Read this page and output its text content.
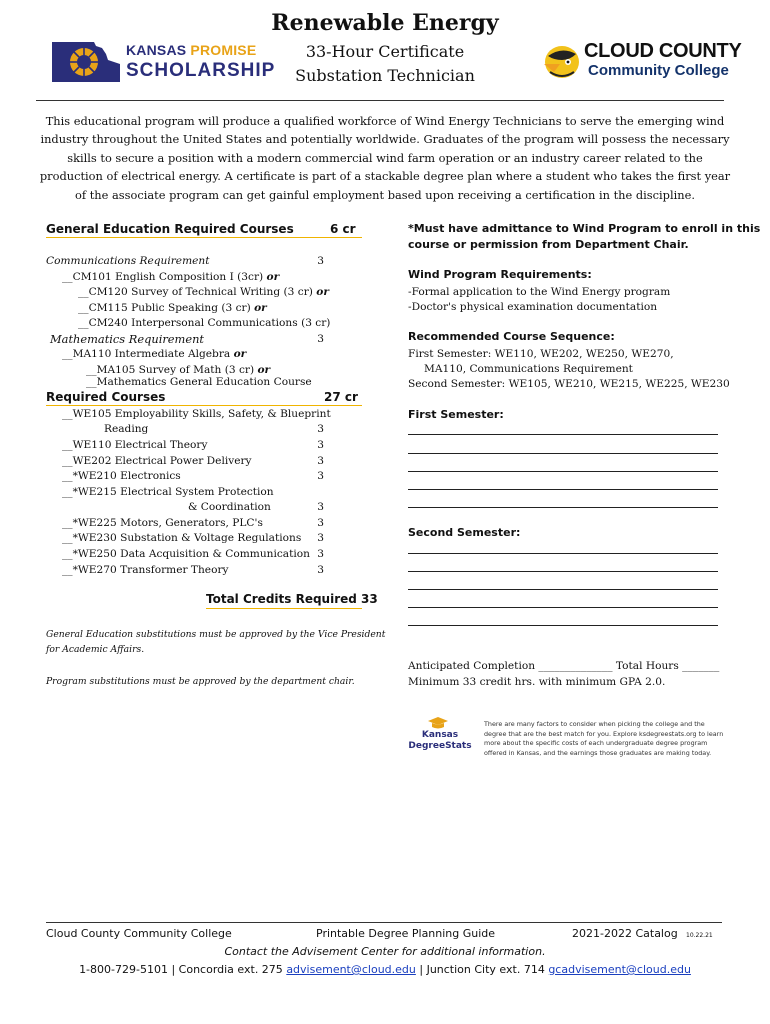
Renewable Energy
33-Hour Certificate
Substation Technician
KANSAS PROMISE
SCHOLARSHIP
CLOUD COUNTY
Community College
This educational program will produce a qualified workforce of Wind Energy Technicians to serve the emerging wind industry throughout the United States and potentially worldwide. Graduates of the program will possess the necessary skills to secure a position with a modern commercial wind farm operation or an industry career related to the production of electrical energy. A certificate is part of a stackable degree plan where a student who takes the first year of the associate program can get gainful employment based upon receiving a certification in the discipline.
General Education Required Courses	6 cr
Communications Requirement	3
__CM101 English Composition I (3cr) or
__CM120 Survey of Technical Writing (3 cr) or
__CM115 Public Speaking (3 cr) or
__CM240 Interpersonal Communications (3 cr)
Mathematics Requirement	3
__MA110 Intermediate Algebra or
__MA105 Survey of Math (3 cr) or
__Mathematics General Education Course
Required Courses	27 cr
__WE105 Employability Skills, Safety, & Blueprint
Reading	3
__WE110 Electrical Theory	3
__WE202 Electrical Power Delivery	3
__*WE210 Electronics	3
__*WE215 Electrical System Protection
& Coordination	3
__*WE225 Motors, Generators, PLC's	3
__*WE230 Substation & Voltage Regulations	3
__*WE250 Data Acquisition & Communication 3
__*WE270 Transformer Theory	3
Total Credits Required 33
General Education substitutions must be approved by the Vice President
for Academic Affairs.
Program substitutions must be approved by the department chair.
*Must have admittance to Wind Program to enroll in this
course or permission from Department Chair.
Wind Program Requirements:
-Formal application to the Wind Energy program
-Doctor's physical examination documentation
Recommended Course Sequence:
First Semester: WE110, WE202, WE250, WE270,
MA110, Communications Requirement
Second Semester: WE105, WE210, WE215, WE225, WE230
First Semester:
Second Semester:
Anticipated Completion ______________ Total Hours _______
Minimum 33 credit hrs. with minimum GPA 2.0.
Kansas
DegreeStats
There are many factors to consider when picking the college and the degree that are the best match for you. Explore ksdegreestats.org to learn more about the specific costs of each undergraduate degree program offered in Kansas, and the earnings those graduates are making today.
Cloud County Community College	Printable Degree Planning Guide	2021-2022 Catalog 10.22.21
Contact the Advisement Center for additional information.
1-800-729-5101 | Concordia ext. 275 advisement@cloud.edu | Junction City ext. 714 gcadvisement@cloud.edu
